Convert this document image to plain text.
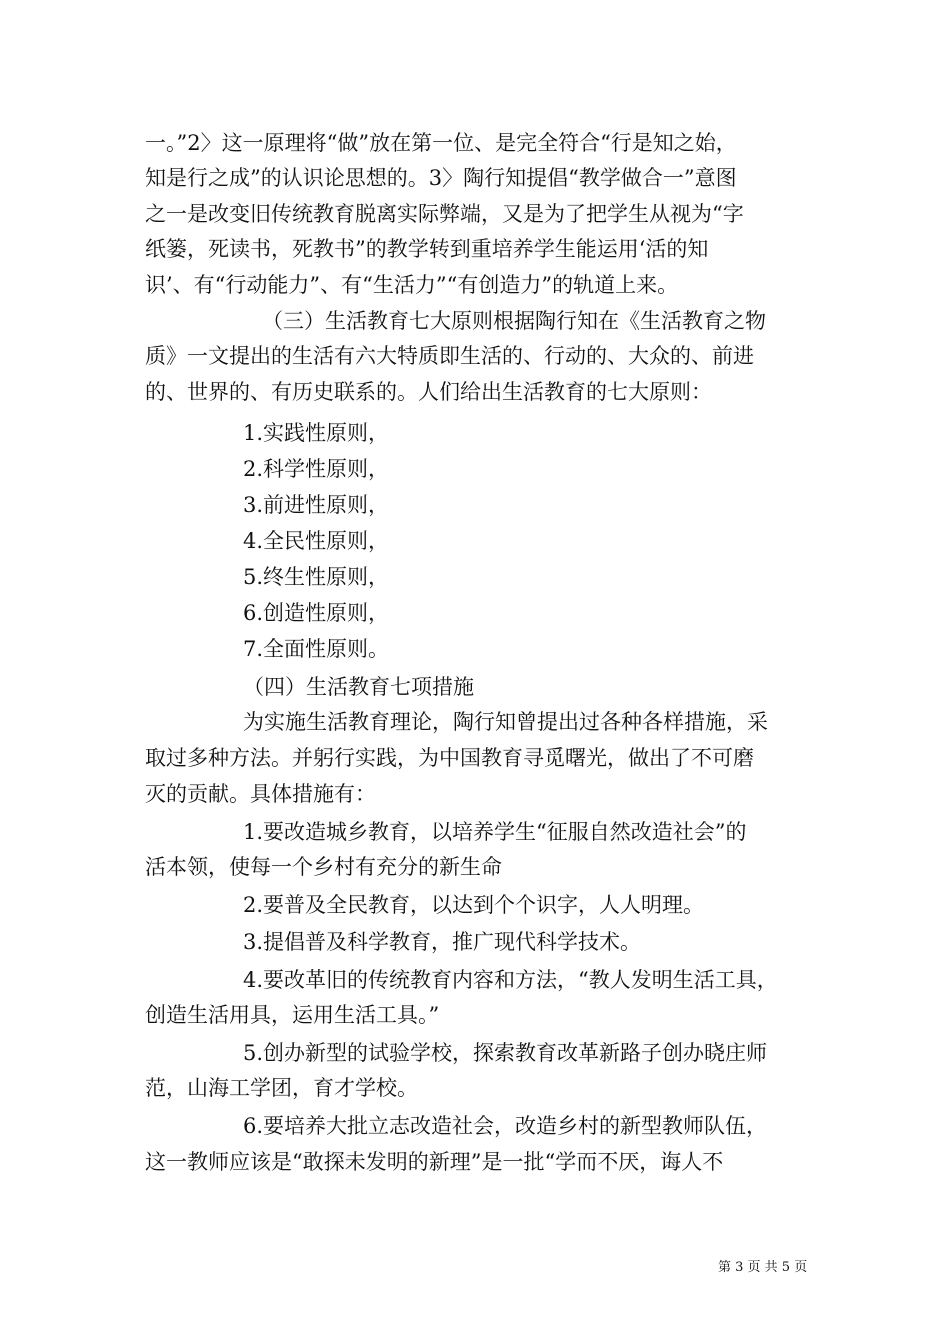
一。”2〉这一原理将“做”放在第一位、是完全符合“行是知之始，

知是行之成”的认识论思想的。3〉陶行知提倡“教学做合一”意图

之一是改变旧传统教育脱离实际弊端，又是为了把学生从视为“字

纸篓，死读书，死教书”的教学转到重培养学生能运用‘活的知

识’、有“行动能力”、有“生活力”“有创造力”的轨道上来。

（三）生活教育七大原则根据陶行知在《生活教育之物

质》一文提出的生活有六大特质即生活的、行动的、大众的、前进

的、世界的、有历史联系的。人们给出生活教育的七大原则：

1.实践性原则，

2.科学性原则，

3.前进性原则，

4.全民性原则，

5.终生性原则，

6.创造性原则，

7.全面性原则。

（四）生活教育七项措施

为实施生活教育理论，陶行知曾提出过各种各样措施，采

取过多种方法。并躬行实践，为中国教育寻觅曙光，做出了不可磨

灭的贡献。具体措施有：

1.要改造城乡教育，以培养学生“征服自然改造社会”的

活本领，使每一个乡村有充分的新生命

2.要普及全民教育，以达到个个识字，人人明理。

3.提倡普及科学教育，推广现代科学技术。

4.要改革旧的传统教育内容和方法，“教人发明生活工具，

创造生活用具，运用生活工具。”

5.创办新型的试验学校，探索教育改革新路子创办晓庄师

范，山海工学团，育才学校。

6.要培养大批立志改造社会，改造乡村的新型教师队伍，

这一教师应该是“敢探未发明的新理”是一批“学而不厌，诲人不

第 3 页 共 5 页
